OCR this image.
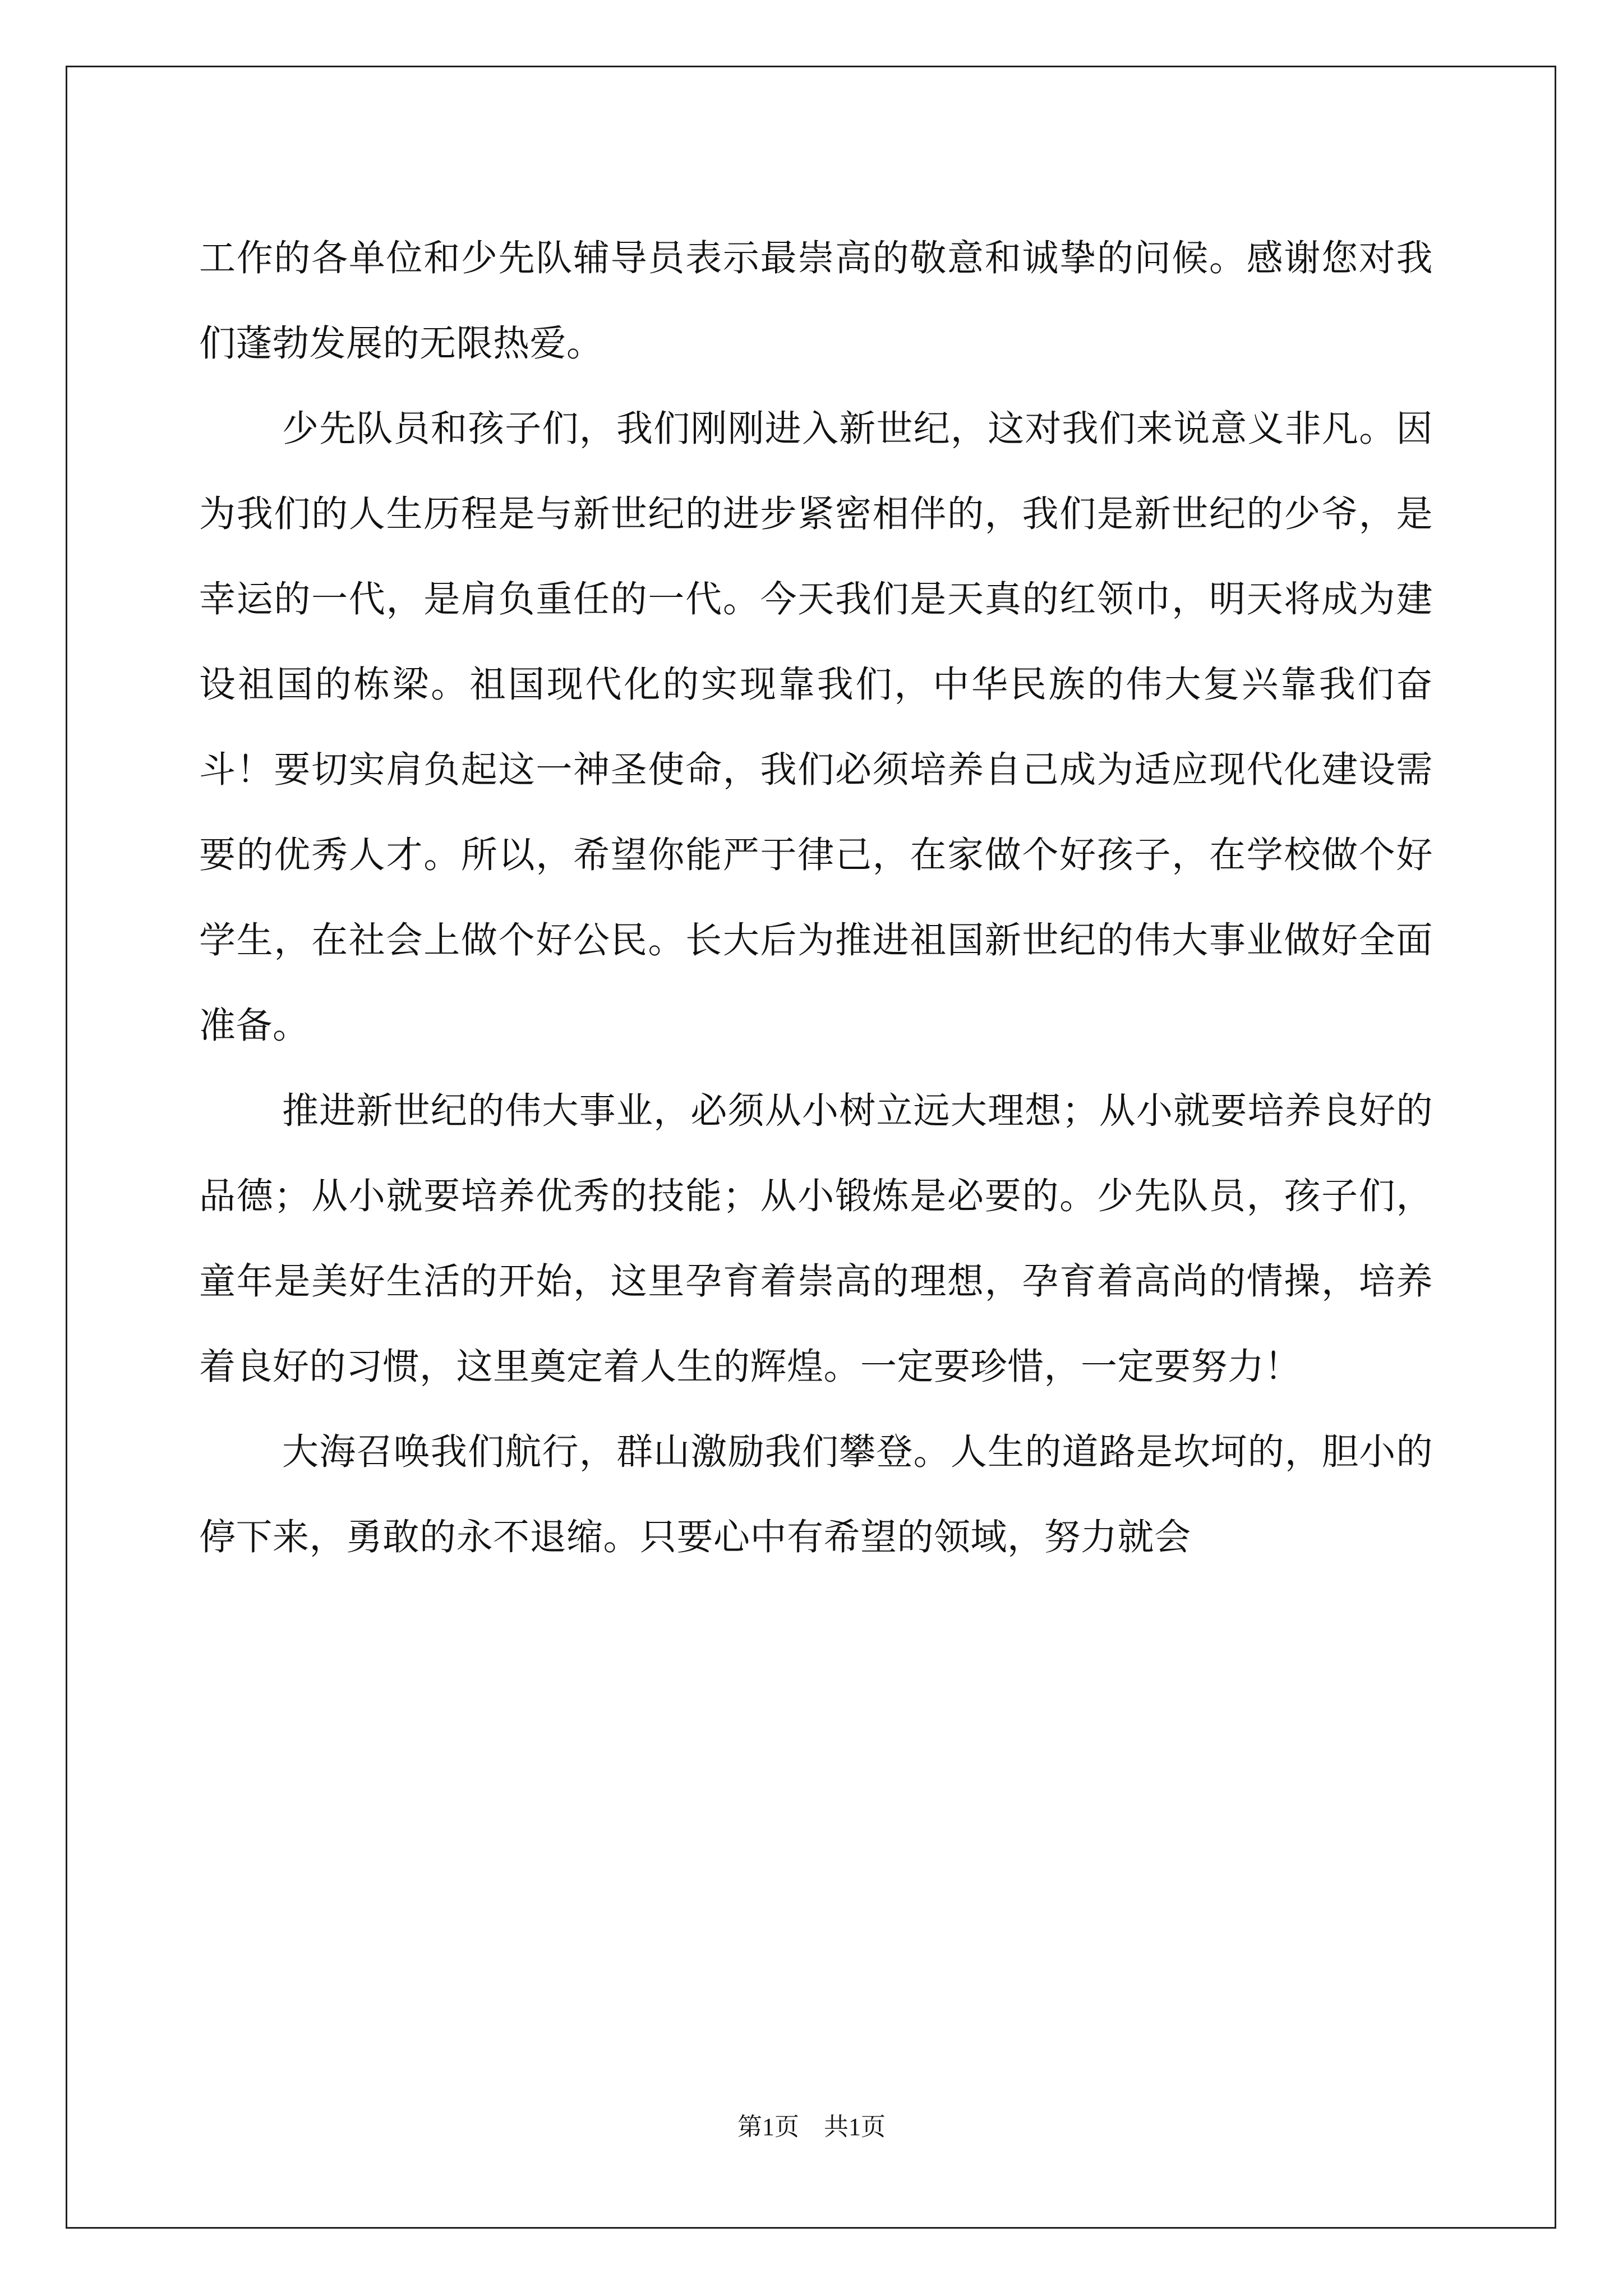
工作的各单位和少先队辅导员表示最崇高的敬意和诚挚的问候。感谢您对我们蓬勃发展的无限热爱。

少先队员和孩子们，我们刚刚进入新世纪，这对我们来说意义非凡。因为我们的人生历程是与新世纪的进步紧密相伴的，我们是新世纪的少爷，是幸运的一代，是肩负重任的一代。今天我们是天真的红领巾，明天将成为建设祖国的栋梁。祖国现代化的实现靠我们，中华民族的伟大复兴靠我们奋斗！要切实肩负起这一神圣使命，我们必须培养自己成为适应现代化建设需要的优秀人才。所以，希望你能严于律己，在家做个好孩子，在学校做个好学生，在社会上做个好公民。长大后为推进祖国新世纪的伟大事业做好全面准备。

推进新世纪的伟大事业，必须从小树立远大理想；从小就要培养良好的品德；从小就要培养优秀的技能；从小锻炼是必要的。少先队员，孩子们，童年是美好生活的开始，这里孕育着崇高的理想，孕育着高尚的情操，培养着良好的习惯，这里奠定着人生的辉煌。一定要珍惜，一定要努力！

大海召唤我们航行，群山激励我们攀登。人生的道路是坎坷的，胆小的停下来，勇敢的永不退缩。只要心中有希望的领域，努力就会

第1页　共1页
